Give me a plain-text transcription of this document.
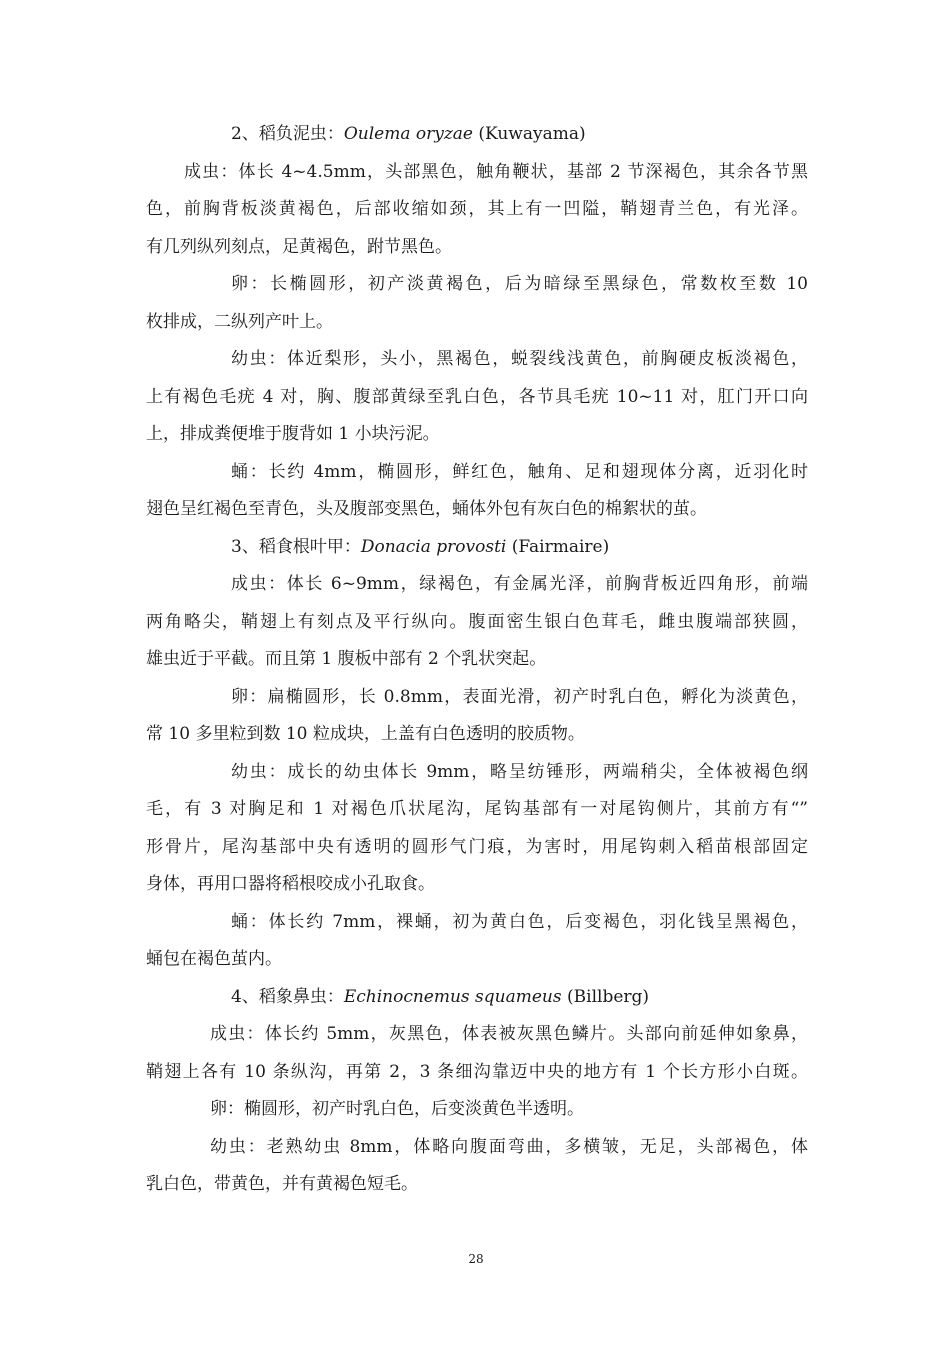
2、稻负泥虫：Oulema oryzae (Kuwayama)
成虫：体长 4~4.5mm，头部黑色，触角鞭状，基部 2 节深褐色，其余各节黑
色，前胸背板淡黄褐色，后部收缩如颈，其上有一凹隘，鞘翅青兰色，有光泽。
有几列纵列刻点，足黄褐色，跗节黑色。
卵：长椭圆形，初产淡黄褐色，后为暗绿至黑绿色，常数枚至数 10
枚排成，二纵列产叶上。
幼虫：体近梨形，头小，黑褐色，蜕裂线浅黄色，前胸硬皮板淡褐色，
上有褐色毛疣 4 对，胸、腹部黄绿至乳白色，各节具毛疣 10~11 对，肛门开口向
上，排成粪便堆于腹背如 1 小块污泥。
蛹：长约 4mm，椭圆形，鲜红色，触角、足和翅现体分离，近羽化时
翅色呈红褐色至青色，头及腹部变黑色，蛹体外包有灰白色的棉絮状的茧。
3、稻食根叶甲：Donacia provosti (Fairmaire)
成虫：体长 6~9mm，绿褐色，有金属光泽，前胸背板近四角形，前端
两角略尖，鞘翅上有刻点及平行纵向。腹面密生银白色茸毛，雌虫腹端部狭圆，
雄虫近于平截。而且第 1 腹板中部有 2 个乳状突起。
卵：扁椭圆形，长 0.8mm，表面光滑，初产时乳白色，孵化为淡黄色，
常 10 多里粒到数 10 粒成块，上盖有白色透明的胶质物。
幼虫：成长的幼虫体长 9mm，略呈纺锤形，两端稍尖，全体被褐色纲
毛，有 3 对胸足和 1 对褐色爪状尾沟，尾钩基部有一对尾钩侧片，其前方有“”
形骨片，尾沟基部中央有透明的圆形气门痕，为害时，用尾钩刺入稻苗根部固定
身体，再用口器将稻根咬成小孔取食。
蛹：体长约 7mm，裸蛹，初为黄白色，后变褐色，羽化钱呈黑褐色，
蛹包在褐色茧内。
4、稻象鼻虫：Echinocnemus squameus (Billberg)
成虫：体长约 5mm，灰黑色，体表被灰黑色鳞片。头部向前延伸如象鼻，
鞘翅上各有 10 条纵沟，再第 2，3 条细沟靠迈中央的地方有 1 个长方形小白斑。
卵：椭圆形，初产时乳白色，后变淡黄色半透明。
幼虫：老熟幼虫 8mm，体略向腹面弯曲，多横皱，无足，头部褐色，体
乳白色，带黄色，并有黄褐色短毛。
28
